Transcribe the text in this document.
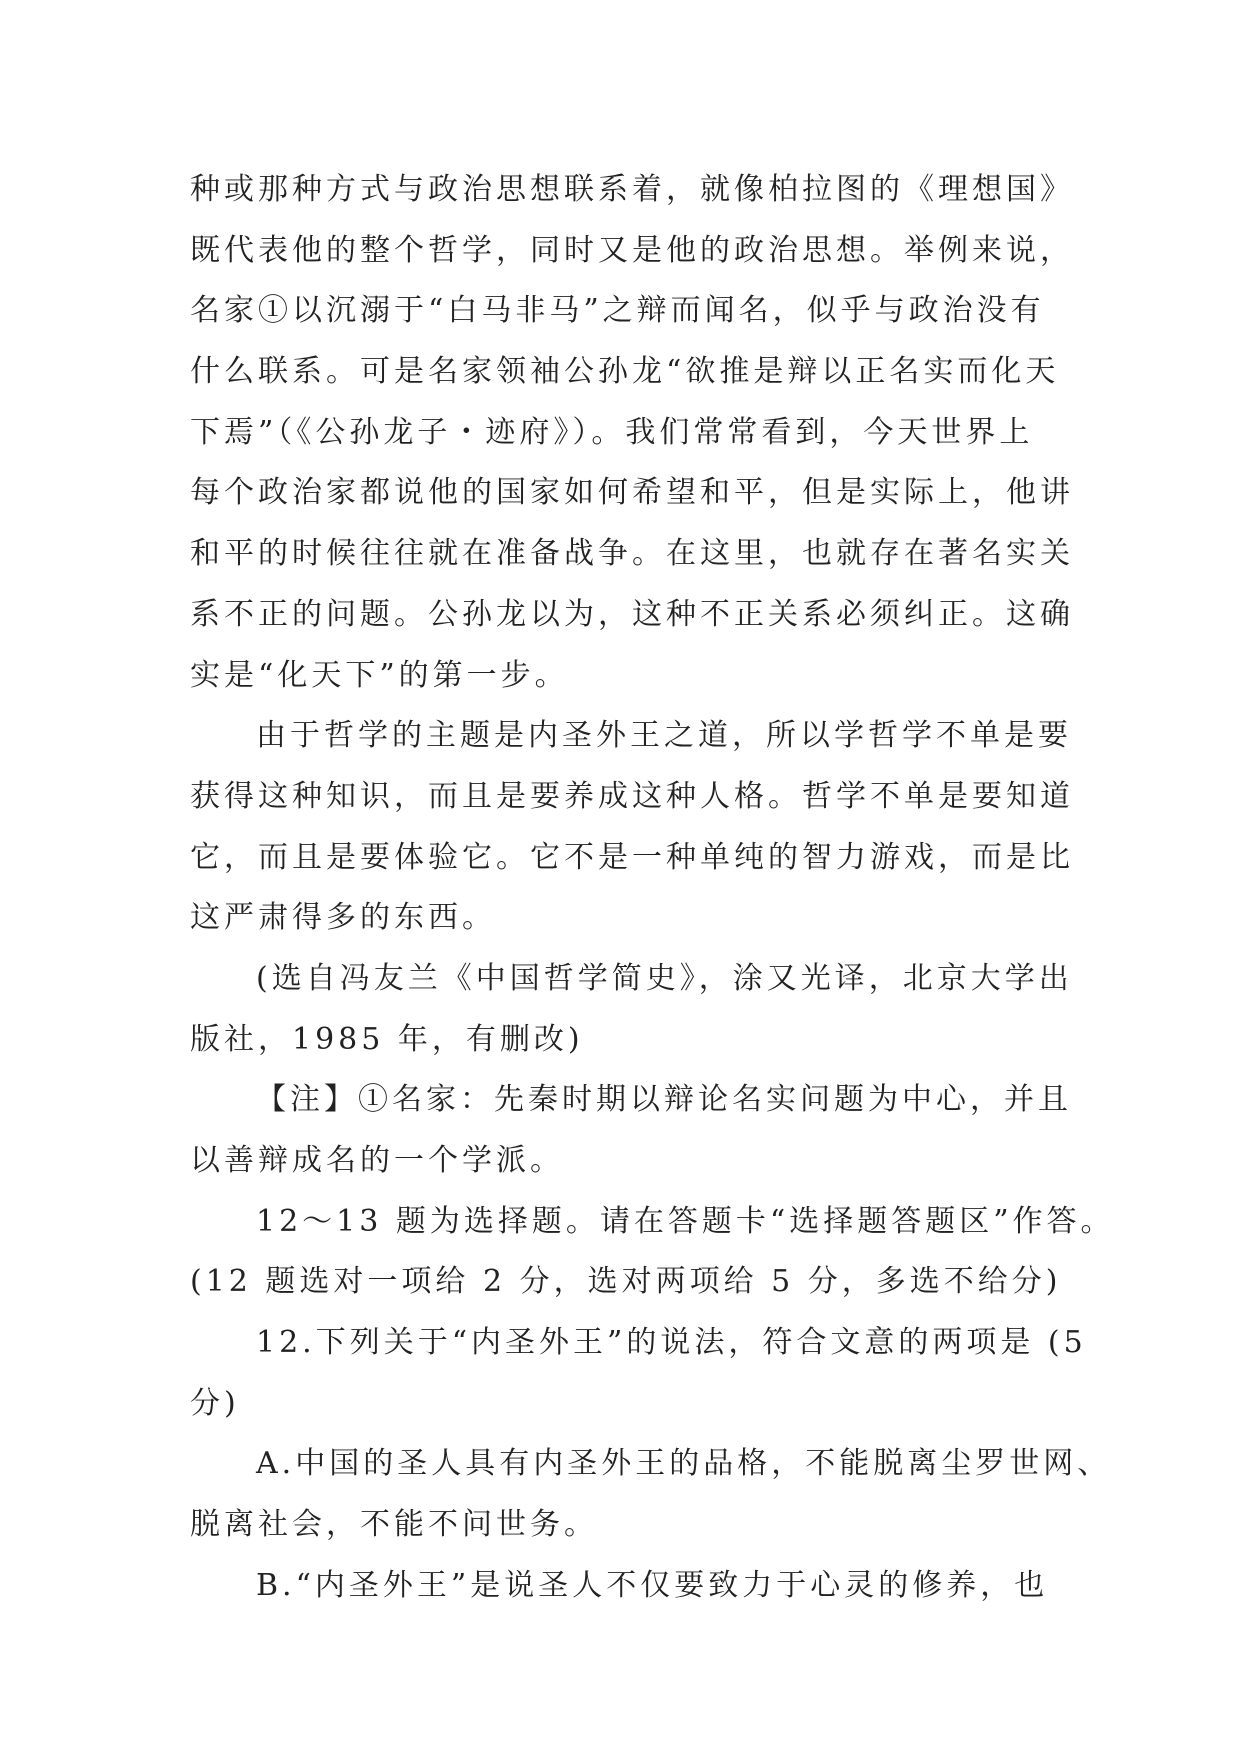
种或那种方式与政治思想联系着，就像柏拉图的《理想国》
既代表他的整个哲学，同时又是他的政治思想。举例来说，
名家①以沉溺于“白马非马”之辩而闻名，似乎与政治没有
什么联系。可是名家领袖公孙龙“欲推是辩以正名实而化天
下焉”（《公孙龙子・迹府》）。我们常常看到，今天世界上
每个政治家都说他的国家如何希望和平，但是实际上，他讲
和平的时候往往就在准备战争。在这里，也就存在著名实关
系不正的问题。公孙龙以为，这种不正关系必须纠正。这确
实是“化天下”的第一步。
由于哲学的主题是内圣外王之道，所以学哲学不单是要
获得这种知识，而且是要养成这种人格。哲学不单是要知道
它，而且是要体验它。它不是一种单纯的智力游戏，而是比
这严肃得多的东西。
(选自冯友兰《中国哲学简史》，涂又光译，北京大学出
版社，1985 年，有删改)
【注】①名家：先秦时期以辩论名实问题为中心，并且
以善辩成名的一个学派。
12～13 题为选择题。请在答题卡“选择题答题区”作答。
(12 题选对一项给 2 分，选对两项给 5 分，多选不给分)
12.下列关于“内圣外王”的说法，符合文意的两项是 (5
分)
A.中国的圣人具有内圣外王的品格，不能脱离尘罗世网、
脱离社会，不能不问世务。
B.“内圣外王”是说圣人不仅要致力于心灵的修养，也
